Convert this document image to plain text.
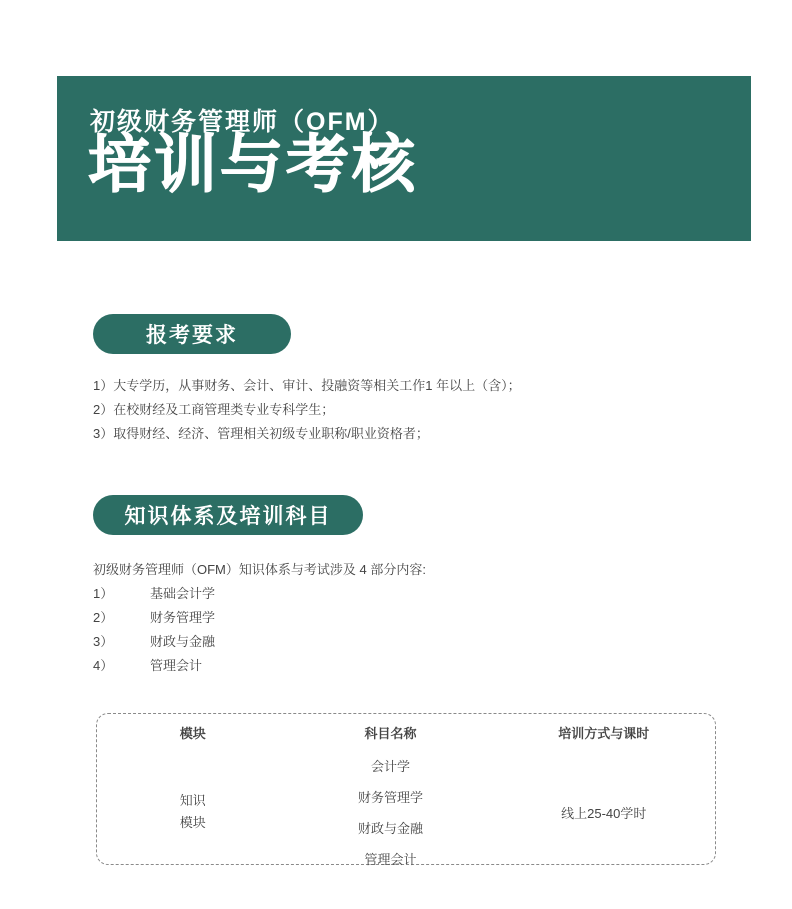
初级财务管理师（OFM）
培训与考核
报考要求
1）大专学历，从事财务、会计、审计、投融资等相关工作1 年以上（含）；
2）在校财经及工商管理类专业专科学生；
3）取得财经、经济、管理相关初级专业职称/职业资格者；
知识体系及培训科目
初级财务管理师（OFM）知识体系与考试涉及 4 部分内容:
1）	基础会计学
2）	财务管理学
3）	财政与金融
4）	管理会计
模块	科目名称	培训方式与课时

知识
模块	会计学	线上25-40学时
	财务管理学	
	财政与金融	
	管理会计	
